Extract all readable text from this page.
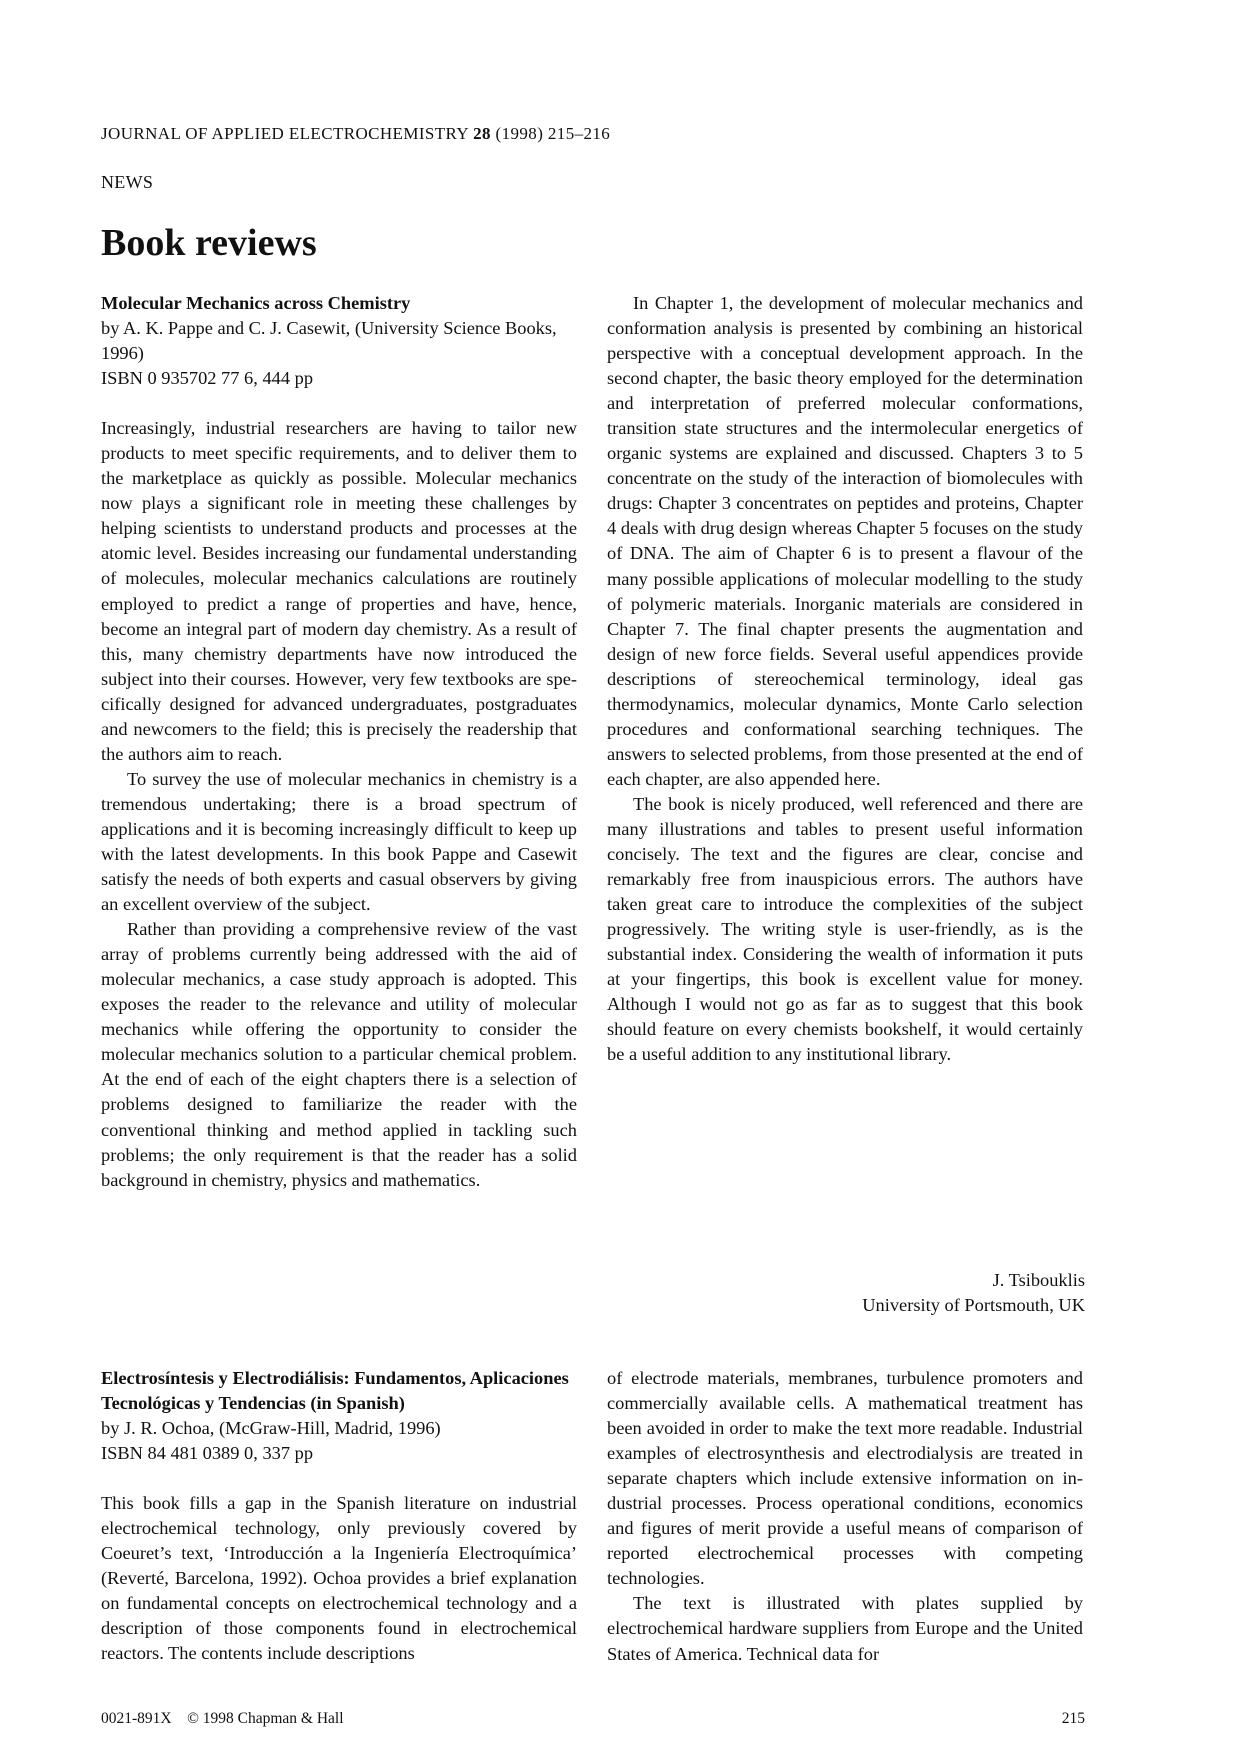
JOURNAL OF APPLIED ELECTROCHEMISTRY 28 (1998) 215–216
NEWS
Book reviews
Molecular Mechanics across Chemistry
by A. K. Pappe and C. J. Casewit, (University Science Books, 1996)
ISBN 0 935702 77 6, 444 pp

Increasingly, industrial researchers are having to tailor new products to meet specific requirements, and to deliver them to the marketplace as quickly as possible. Molecular mechanics now plays a significant role in meeting these challenges by helping scientists to understand products and processes at the atomic level. Besides increasing our fundamental understanding of molecules, molecular mechanics calculations are routinely employed to predict a range of properties and have, hence, become an integral part of modern day chemistry. As a result of this, many chemistry departments have now introduced the subject into their courses. However, very few textbooks are specifically designed for advanced undergraduates, postgraduates and newcomers to the field; this is precisely the readership that the authors aim to reach.

To survey the use of molecular mechanics in chemistry is a tremendous undertaking; there is a broad spectrum of applications and it is becoming increasingly difficult to keep up with the latest developments. In this book Pappe and Casewit satisfy the needs of both experts and casual observers by giving an excellent overview of the subject.

Rather than providing a comprehensive review of the vast array of problems currently being addressed with the aid of molecular mechanics, a case study approach is adopted. This exposes the reader to the relevance and utility of molecular mechanics while offering the opportunity to consider the molecular mechanics solution to a particular chemical problem. At the end of each of the eight chapters there is a selection of problems designed to familiarize the reader with the conventional thinking and method applied in tackling such problems; the only requirement is that the reader has a solid background in chemistry, physics and mathematics.

In Chapter 1, the development of molecular mechanics and conformation analysis is presented by combining an historical perspective with a conceptual development approach. In the second chapter, the basic theory employed for the determination and interpretation of preferred molecular conformations, transition state structures and the intermolecular energetics of organic systems are explained and discussed. Chapters 3 to 5 concentrate on the study of the interaction of biomolecules with drugs: Chapter 3 concentrates on peptides and proteins, Chapter 4 deals with drug design whereas Chapter 5 focuses on the study of DNA. The aim of Chapter 6 is to present a flavour of the many possible applications of molecular modelling to the study of polymeric materials. Inorganic materials are considered in Chapter 7. The final chapter presents the augmentation and design of new force fields. Several useful appendices provide descriptions of stereochemical terminology, ideal gas thermodynamics, molecular dynamics, Monte Carlo selection procedures and conformational searching techniques. The answers to selected problems, from those presented at the end of each chapter, are also appended here.

The book is nicely produced, well referenced and there are many illustrations and tables to present useful information concisely. The text and the figures are clear, concise and remarkably free from inauspicious errors. The authors have taken great care to introduce the complexities of the subject progressively. The writing style is user-friendly, as is the substantial index. Considering the wealth of information it puts at your fingertips, this book is excellent value for money. Although I would not go as far as to suggest that this book should feature on every chemists bookshelf, it would certainly be a useful addition to any institutional library.

J. Tsibouklis
University of Portsmouth, UK
Electrosíntesis y Electrodiálisis: Fundamentos, Aplicaciones Tecnológicas y Tendencias (in Spanish)
by J. R. Ochoa, (McGraw-Hill, Madrid, 1996)
ISBN 84 481 0389 0, 337 pp

This book fills a gap in the Spanish literature on industrial electrochemical technology, only previously covered by Coeuret’s text, ‘Introducción a la Ingeniería Electroquímica’ (Reverté, Barcelona, 1992). Ochoa provides a brief explanation on fundamental concepts on electrochemical technology and a description of those components found in electrochemical reactors. The contents include descriptions

of electrode materials, membranes, turbulence promoters and commercially available cells. A mathematical treatment has been avoided in order to make the text more readable. Industrial examples of electrosynthesis and electrodialysis are treated in separate chapters which include extensive information on industrial processes. Process operational conditions, economics and figures of merit provide a useful means of comparison of reported electrochemical processes with competing technologies.

The text is illustrated with plates supplied by electrochemical hardware suppliers from Europe and the United States of America. Technical data for

0021-891X © 1998 Chapman & Hall	215
